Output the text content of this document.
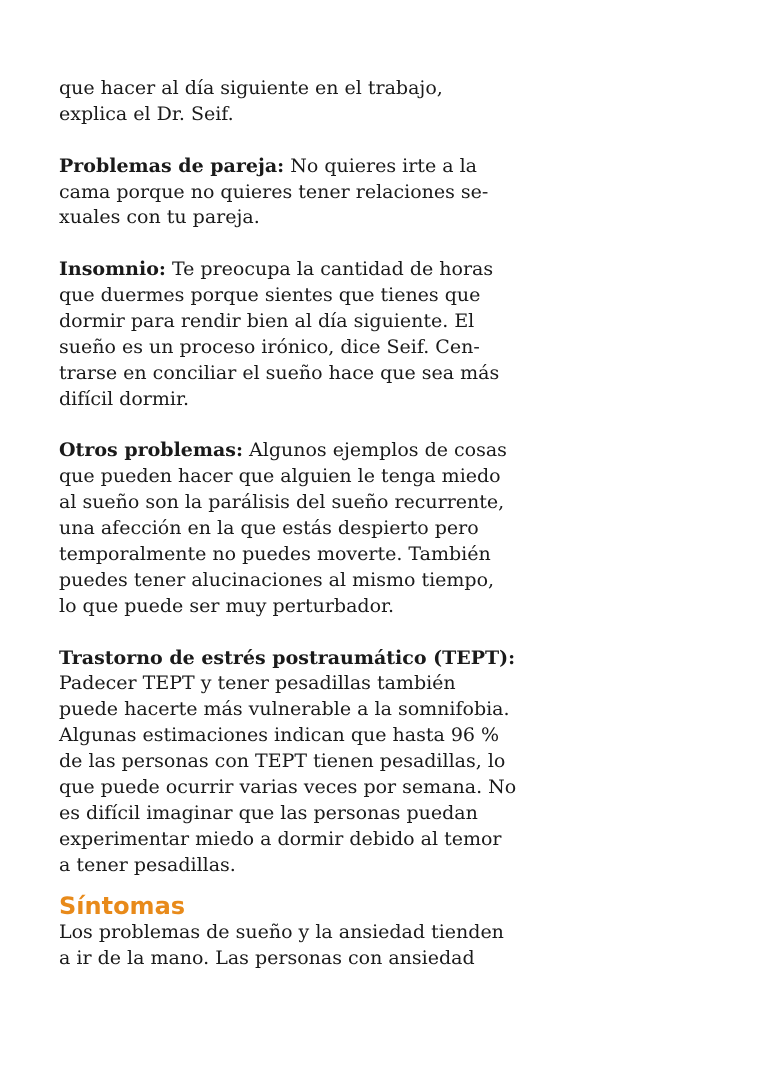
que hacer al día siguiente en el trabajo,
explica el Dr. Seif.
Problemas de pareja: No quieres irte a la
cama porque no quieres tener relaciones se-
xuales con tu pareja.
Insomnio: Te preocupa la cantidad de horas
que duermes porque sientes que tienes que
dormir para rendir bien al día siguiente. El
sueño es un proceso irónico, dice Seif. Cen-
trarse en conciliar el sueño hace que sea más
difícil dormir.
Otros problemas: Algunos ejemplos de cosas
que pueden hacer que alguien le tenga miedo
al sueño son la parálisis del sueño recurrente,
una afección en la que estás despierto pero
temporalmente no puedes moverte. También
puedes tener alucinaciones al mismo tiempo,
lo que puede ser muy perturbador.
Trastorno de estrés postraumático (TEPT):
Padecer TEPT y tener pesadillas también
puede hacerte más vulnerable a la somnifobia.
Algunas estimaciones indican que hasta 96 %
de las personas con TEPT tienen pesadillas, lo
que puede ocurrir varias veces por semana. No
es difícil imaginar que las personas puedan
experimentar miedo a dormir debido al temor
a tener pesadillas.
Síntomas
Los problemas de sueño y la ansiedad tienden
a ir de la mano. Las personas con ansiedad
